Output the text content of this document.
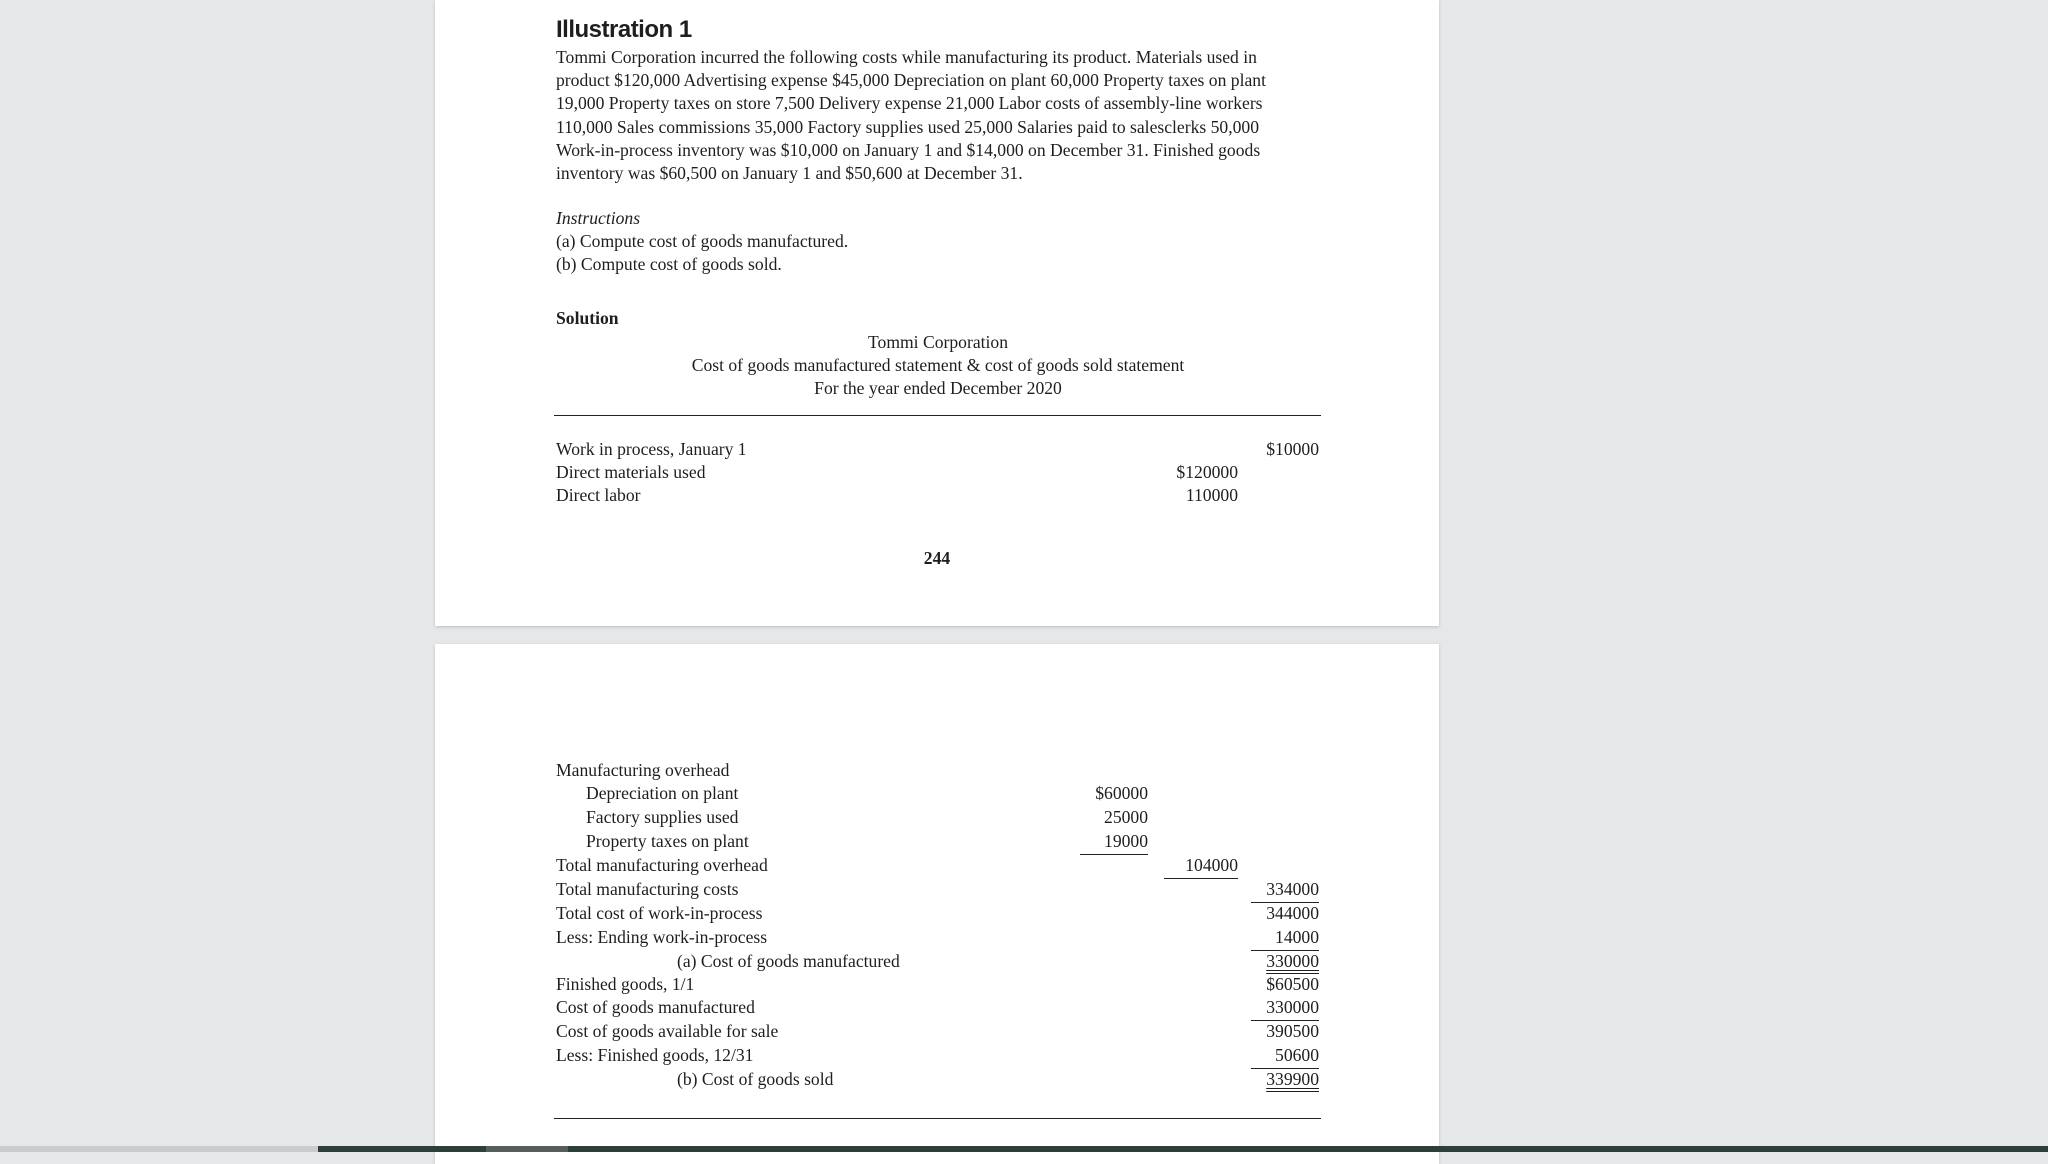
Illustration 1
Tommi Corporation incurred the following costs while manufacturing its product. Materials used in
product $120,000 Advertising expense $45,000 Depreciation on plant 60,000 Property taxes on plant
19,000 Property taxes on store 7,500 Delivery expense 21,000 Labor costs of assembly-line workers
110,000 Sales commissions 35,000 Factory supplies used 25,000 Salaries paid to salesclerks 50,000
Work-in-process inventory was $10,000 on January 1 and $14,000 on December 31. Finished goods
inventory was $60,500 on January 1 and $50,600 at December 31.
Instructions
(a) Compute cost of goods manufactured.
(b) Compute cost of goods sold.
Solution
Tommi Corporation
Cost of goods manufactured statement & cost of goods sold statement
For the year ended December 2020
Work in process, January 1	$10000
Direct materials used	$120000
Direct labor	110000
244
Manufacturing overhead
Depreciation on plant	$60000
Factory supplies used	25000
Property taxes on plant	19000
Total manufacturing overhead	104000
Total manufacturing costs	334000
Total cost of work-in-process	344000
Less: Ending work-in-process	14000
(a) Cost of goods manufactured	330000
Finished goods, 1/1	$60500
Cost of goods manufactured	330000
Cost of goods available for sale	390500
Less: Finished goods, 12/31	50600
(b) Cost of goods sold	339900
